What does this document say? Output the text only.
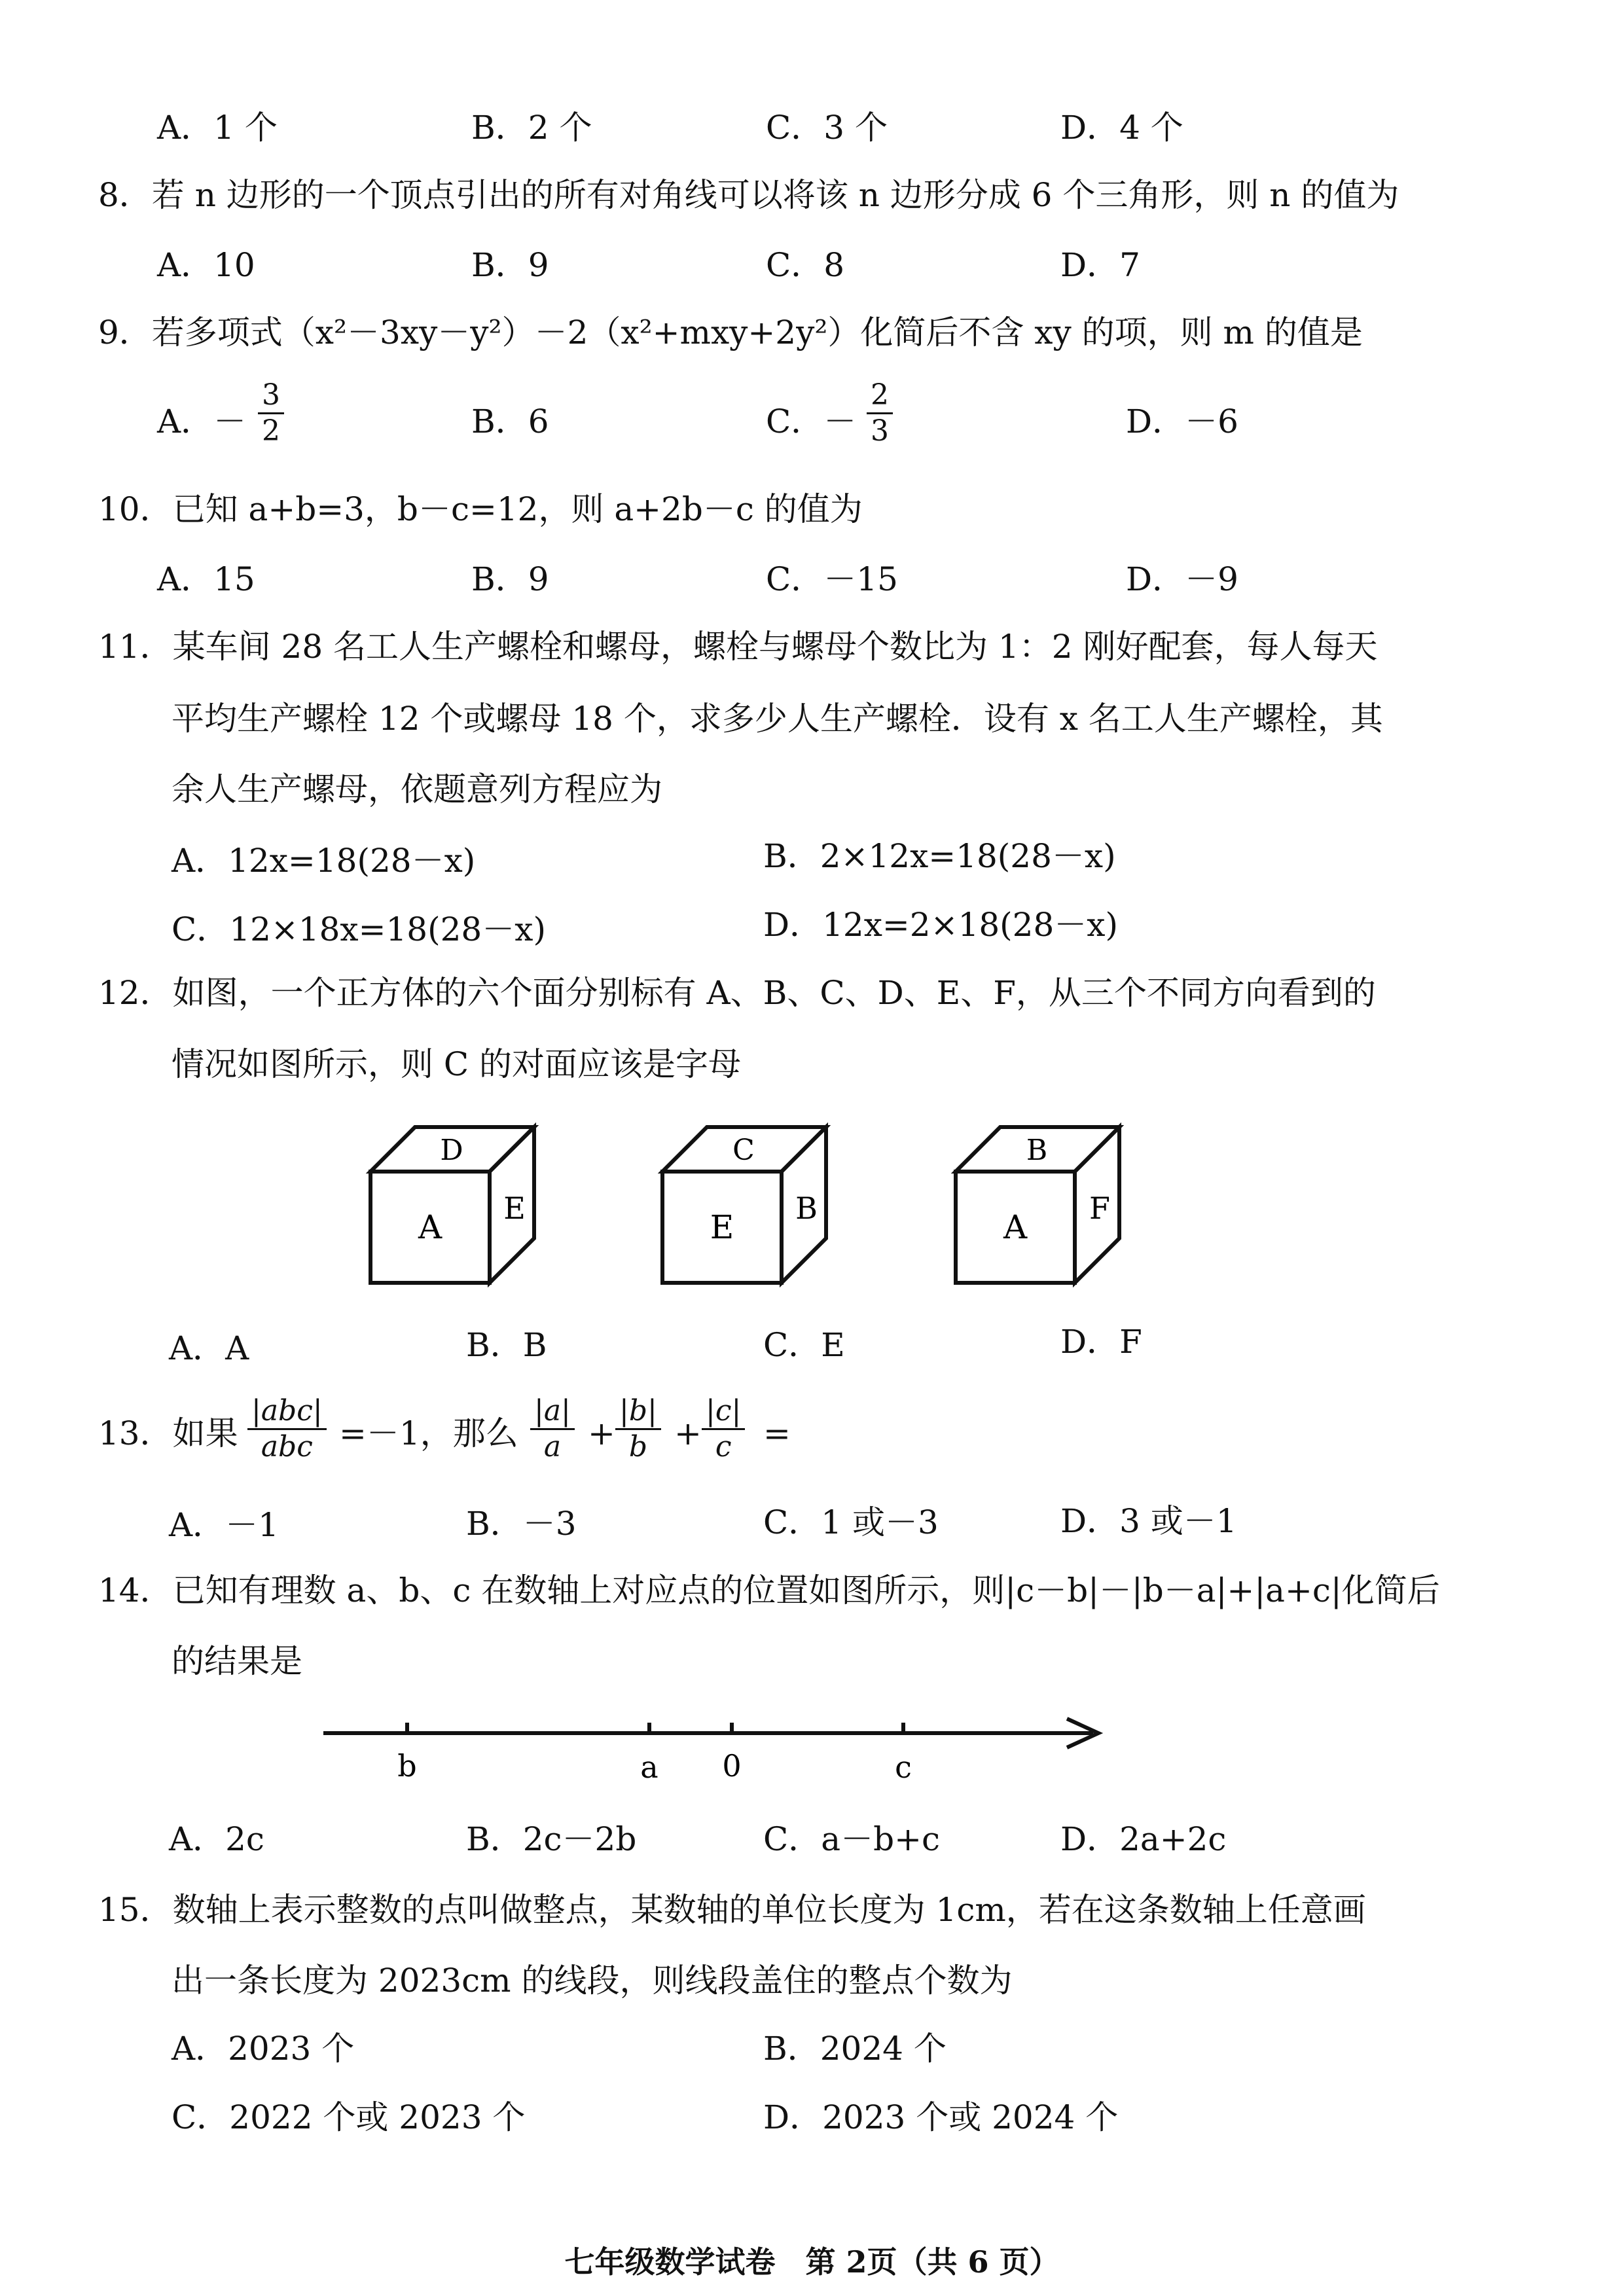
A．1 个	B．2 个	C．3 个	D．4 个
8．若 n 边形的一个顶点引出的所有对角线可以将该 n 边形分成 6 个三角形，则 n 的值为
A．10	B．9	C．8	D．7
9．若多项式（x²－3xy－y²）－2（x²+mxy+2y²）化简后不含 xy 的项，则 m 的值是
A．－ $\frac{3}{2}$	B．6	C．－ $\frac{2}{3}$	D．－6
10．已知 a+b=3，b－c=12，则 a+2b－c 的值为
A．15	B．9	C．－15	D．－9
11．某车间 28 名工人生产螺栓和螺母，螺栓与螺母个数比为 1：2 刚好配套，每人每天
平均生产螺栓 12 个或螺母 18 个，求多少人生产螺栓．设有 x 名工人生产螺栓，其
余人生产螺母，依题意列方程应为
A．12x=18(28－x)	B．2×12x=18(28－x)
C．12×18x=18(28－x)	D．12x=2×18(28－x)
12．如图，一个正方体的六个面分别标有 A、B、C、D、E、F，从三个不同方向看到的
情况如图所示，则 C 的对面应该是字母
D
A E
C
E B
B
A F
A．A	B．B	C．E	D．F
13．如果
|abc|
abc =－1，那么 $\frac{|a|}{a} + \frac{|b|}{b} + \frac{|c|}{c}$ =
A．－1	B．－3	C．1 或－3	D．3 或－1
14．已知有理数 a、b、c 在数轴上对应点的位置如图所示，则|c－b|－|b－a|+|a+c|化简后
的结果是
b	a 0	c
A．2c	B．2c－2b	C．a－b+c	D．2a+2c
15．数轴上表示整数的点叫做整点，某数轴的单位长度为 1cm，若在这条数轴上任意画
出一条长度为 2023cm 的线段，则线段盖住的整点个数为
A．2023 个	B．2024 个
C．2022 个或 2023 个	D．2023 个或 2024 个
七年级数学试卷　第 2页（共 6 页）
